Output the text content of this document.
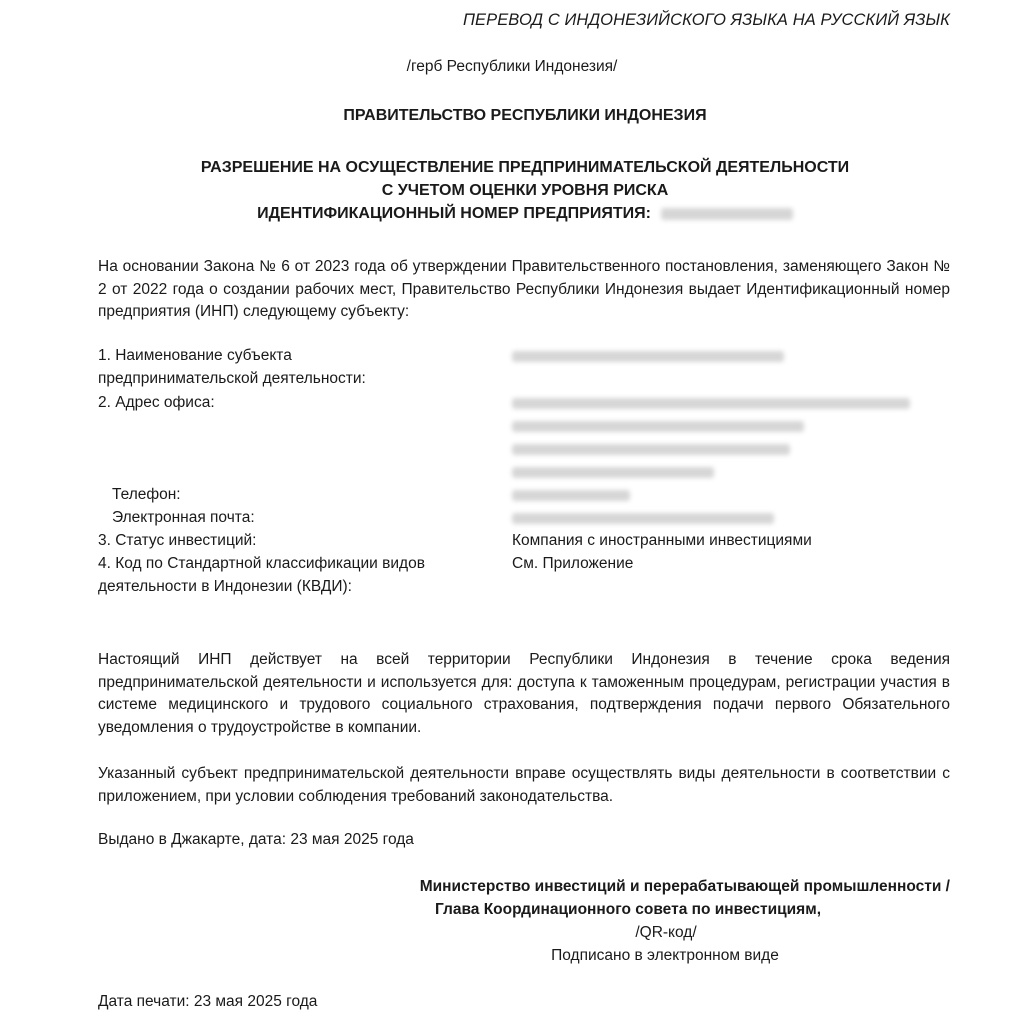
ПЕРЕВОД С ИНДОНЕЗИЙСКОГО ЯЗЫКА НА РУССКИЙ ЯЗЫК
/герб Республики Индонезия/
ПРАВИТЕЛЬСТВО РЕСПУБЛИКИ ИНДОНЕЗИЯ
РАЗРЕШЕНИЕ НА ОСУЩЕСТВЛЕНИЕ ПРЕДПРИНИМАТЕЛЬСКОЙ ДЕЯТЕЛЬНОСТИ
С УЧЕТОМ ОЦЕНКИ УРОВНЯ РИСКА
ИДЕНТИФИКАЦИОННЫЙ НОМЕР ПРЕДПРИЯТИЯ:
На основании Закона № 6 от 2023 года об утверждении Правительственного постановления, заменяющего Закон № 2 от 2022 года о создании рабочих мест, Правительство Республики Индонезия выдает Идентификационный номер предприятия (ИНП) следующему субъекту:
1. Наименование субъекта
предпринимательской деятельности:
2. Адрес офиса:
Телефон:
Электронная почта:
3. Статус инвестиций:	Компания с иностранными инвестициями
4. Код по Стандартной классификации видов
деятельности в Индонезии (КВДИ):
См. Приложение
Настоящий ИНП действует на всей территории Республики Индонезия в течение срока ведения предпринимательской деятельности и используется для: доступа к таможенным процедурам, регистрации участия в системе медицинского и трудового социального страхования, подтверждения подачи первого Обязательного уведомления о трудоустройстве в компании.
Указанный субъект предпринимательской деятельности вправе осуществлять виды деятельности в соответствии с приложением, при условии соблюдения требований законодательства.
Выдано в Джакарте, дата: 23 мая 2025 года
Министерство инвестиций и перерабатывающей промышленности /
Глава Координационного совета по инвестициям,
/QR-код/
Подписано в электронном виде
Дата печати: 23 мая 2025 года
